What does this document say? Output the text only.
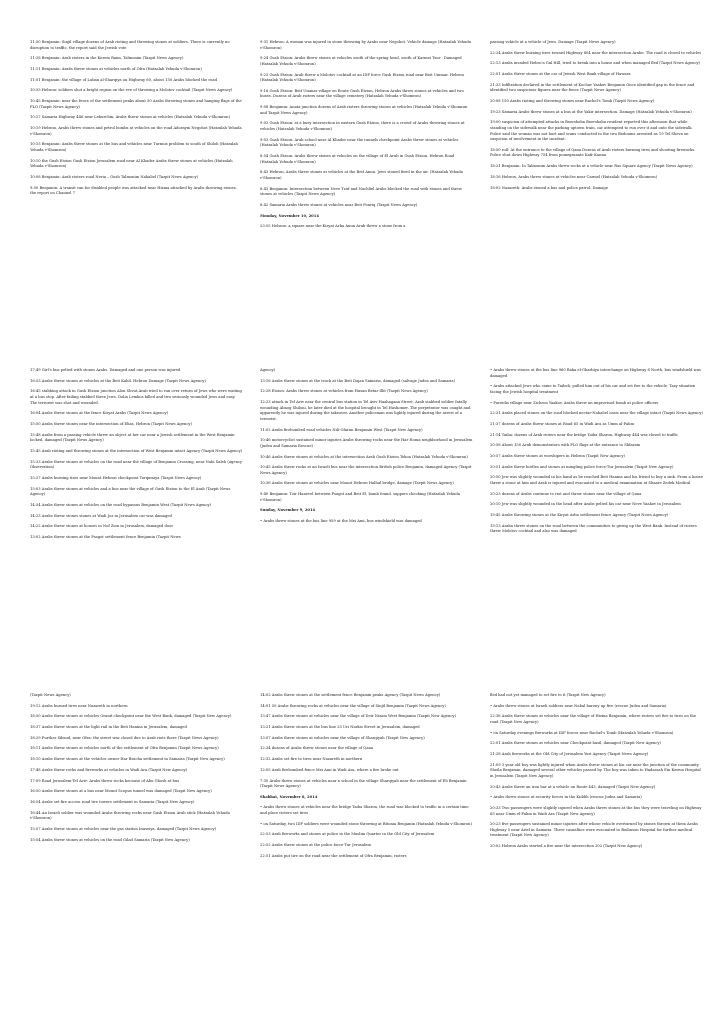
11:50 Benjamin: Sinjil village dozens of Arab rioting and throwing stones at soldiers. There is currently no disruption to traffic, the report said the Jewish vote

11:28 Benjamin: Arab rioters in the Kerem Raim, Talmonim (Tazpit News Agency)

11:11 Benjamin: Arabs threw stones at vehicles north of Ofra (Hatzalah Yehuda v'Shomron)

11:01 Benjamin: the village of Luban al-Sharqiya on Highway 60, about 150 Arabs blocked the road

10:55 Hebron: soldiers shot a bright region on the eve of throwing a Molotov cocktail (Tazpit News Agency)

10:45 Benjamin: near the fence of the settlement peaks about 50 Arabs throwing stones and hanging flags of the PLO (Tazpit News Agency)

10:27 Samaria Highway 446 near Leburchin, Arabs threw stones at vehicles (Hatzalah Yehuda v'Shomron)

10:19 Hebron, Arabs threw stones and petrol bombs at vehicles on the road Adoraym Negohot (Hatzalah Yehuda v'Shomron)

10:15 Benjamin: Arabs threw stones at the bus and vehicles near Turmus problem to south of Shiloh (Hatzalah Yehuda v'Shomron)

10:10 the Gush Etzion Gush Etzion Jerusalem road near Al Khader Arabs threw stones at vehicles (Hatzalah Yehuda v'Shomron)

10:08 Benjamin: Arab rioters road Neria – Gush Talmonim Nahaliel (Tazpit News Agency)

9:50 Benjamin: A transit van for disabled people was attacked near Hizma attacked by Arabs throwing stones, the report on Channel 7

9:31 Hebron: A woman was injured in stone throwing by Arabs near Negohot. Vehicle damage (Hatzalah Yehuda v'Shomron)

9:24 Gush Etzion: Arabs threw stones at vehicles south of the spring head, south of Karmei Tsur . Damaged (Hatzalah Yehuda v'Shomron)

9:23 Gush Etzion: Arab threw a Molotov cocktail at an IDF force Gush Etzion road near Beit Ummar. Hebron (Hatzalah Yehuda v'Shomron)

9:16 Gush Etzion: Beit Ummar village on Route Gush Etzion, Hebron Arabs threw stones at vehicles and two buses. Dozens of Arab rioters near the village cemetery (Hatzalah Yehuda v'Shomron)

9:08 Benjamin: Anata junction dozens of Arab rioters throwing stones at vehicles (Hatzalah Yehuda v'Shomron and Tazpit News Agency)

9:03 Gush Etzion: at a busy intersection in eastern Gush Etzion, there is a crowd of Arabs throwing stones at vehicles (Hatzalah Yehuda v'Shomron)

9:03 Gush Etzion: Arab school near Al Khader near the tunnels checkpoint Arabs threw stones at vehicles (Hatzalah Yehuda v'Shomron)

8:54 Gush Etzion: Arabs threw stones at vehicles on the village of El Arub in Gush Etzion, Hebron Road (Hatzalah Yehuda v'Shomron)

8:43 Hebron, Arabs threw stones at vehicles at the Beit Anun. Jews stoned fired in the air. (Hatzalah Yehuda v'Shomron)

8:43 Benjamin: Intersection between Neve Tzuf and Nachliel Arabs blocked the road with stones and threw stones at vehicles (Tazpit News Agency)

8:42 Samaria Arabs threw stones at vehicles near Beit Fouriq (Tazpit News Agency)

Monday, November 10, 2014

23:55 Hebron: a square near the Kiryat Arba Anun Arab threw a stone from a

passing vehicle at a vehicle of Jews. Damage (Tazpit News Agency)

22:24 Arabs threw burning tires toward Highway 804 near the intersection Arabe. The road is closed to vehicles

22:13 Arabs invaded Hebro'a Gal Hill, tried to break into a house and when managed fled (Tazpit News Agency)

22:01 Arabs threw stones at the car of Jewish West Bank village of Hawara

21:33 Infiltration declared in the settlement of Kochav Yaakov Benjamin Once identified gap in the fence and identified two suspicious figures near the fence (Tazpit News Agency)

20:08 150 Arabs rioting and throwing stones near Rachel's Tomb (Tazpit News Agency)

19:23 Samaria Arabs threw stones at a bus at the Yakir intersection. Damage (Hatzalah Yehuda v'Shomron)

19:00 suspicion of attempted attacks in Beersheba Beersheba resident reported this afternoon that while standing on the sidewalk near the parking uptown train, car attempted to run over it and onto the sidewalk. Police said the woman was not hurt and scans conducted in the two Bedouins arrested as 19 Tel Sheva on suspicion of involvement in the incident.

18:50 roll: At the entrance to the village of Qana Dozens of Arab rioters burning tires and shooting fireworks. Police shut down Highway 754 from pomegranate Kafr Kanna

18:21 Benjamin: In Talmonim Arabs threw rocks at a vehicle near Ras Square Agency (Tazpit News Agency)

18:16 Hebron, Arabs threw stones at vehicles near Carmel (Hatzalah Yehuda v'Shomron)

18:02 Nazareth: Arabs stoned a bus and police patrol. Damage

17:49 Girl's bus pelted with stones Arabs. Damaged and one person was injured

16:53 Arabs threw stones at vehicles at the Beit Kahil. Hebron Damage (Tazpit News Agency)

16:45 stabbing attack in Gush Etzion junction Alon Shvut,Arab tried to run over return of Jews who were waiting at a bus stop. After failing stabbed three Jews. Dalia Lemkos killed and two seriously wounded Jews and easy. The terrorist was shot and wounded.

16:04 Arabs threw stones at the fence Kiryat Arabs (Tazpit News Agency)

15:50 Arabs threw stones near the intersection of Elias, Hebron (Tazpit News Agency)

15:48 Arabs from a passing vehicle threw an object at her car near a Jewish settlement in the West Benjamin locked, damaged (Tazpit News Agency)

15:45 Arab rioting and throwing stones at the intersection of West Benjamin intact Agency (Tazpit News Agency)

15:33 Arabs threw stones at vehicles on the road near the village of Benjamin Crossing, near Nabi Saleh (agency Observation)

15:27 Arabs burning tires near Mount Hebron checkpoint Tarqumiya (Tazpit News Agency)

15:03 Arabs threw stones at vehicles and a bus near the village of Gush Etzion to the El Arab (Tazpit News Agency)

14:54 Arabs threw stones at vehicles on the road bypassus Benjamin West (Tazpit News Agency)

14:23 Arabs threw stones stones at Wadi Joz in Jerusalem car was damaged

14:22 Arabs threw stones at houses in Nof Zion in Jerusalem, damaged door

13:02 Arabs threw stones at the Psagot settlement fence Benjamin (Tazpit News

Agency)

13:16 Arabs threw stones at the truck at the Beit Dajan Samaria, damaged (salvage Judea and Samaria)

12:28 Etzion: Arabs threw stones at vehicles from Husan Betar Illit (Tazpit News Agency)

12:23 attack in Tel Aviv near the central bus station in Tel Aviv Haahagana Street. Arab stabbed soldier fatally wounding Almog Shiloni, he later died at the hospital brought in Tel Hashomer. The perpetrator was caught and apparently he was injured during the takeover. Another policeman was lightly injured during the arrest of a terrorist.

11:02 Arabs firebombed road vehicles Nili-Ofarim Benjamin West (Tazpit New Agency)

10:46 motorcyclist sustained minor injuries Arabs throwing rocks near the Har Homa neighborhood in Jerusalem (Judea and Samaria Rescue)

10:46 Arabs threw stones at vehicles at the intersection Arab Gush Etzion Tekoa (Hatzalah Yehuda v'Shomron)

10:45 Arabs threw rocks at an Israeli bus near the intersection British police Benjamin, damaged Agency (Tazpit News Agency)

10:36 Arabs threw stones at vehicles near Mount Hebron Halhul bridge, damage (Tazpit News Agency)

9:40 Benjamin: Tzir Hanevel between Psagot and Beit El, bomb found. sappers checking (Hatzalah Yehuda v'Shomron)

Sunday, November 9, 2014

• Arabs threw stones at the bus line 959 at the Mei Ami, bus windshield was damaged

• Arabs threw stones at the bus line 960 Baka el-Gharbiya interchange on Highway 6 North, bus windshield was damaged

• Arabs attacked Jews who came to Taibeh, pulled him out of his car and set fire to the vehicle. Tazy situation facing the Jewish hospital treatment

• Pureidis village near Zichron Yaakov, Arabs threw an improvised bomb at police officers

22:31 Arabs placed stones on the road blocked nectar-Nahaliel oasis near the village intact (Tazpit News Agency)

21:37 dozens of Arabs threw stones at Road 65 in Wadi Ara as Umm al-Fahm

21:14 Taiba: dozens of Arab rioters near the bridge Taiba Sharon, Highway 444 was closed to traffic

20:58 About 150 Arab demonstrators with PLO flags at the entrance to Shfaram

20:57 Arabs threw stones at worshipers in Hebron (Tazpit New Agency)

20:51 Arabs threw bottles and stones at mingling police force-Tur Jerusalem (Tazpit New Agency)

20:50 Jew was slightly wounded in his hand as he reached Beit Hanina and his friend to buy a sink. From a house threw a stone at him and Arab is injured and evacuated to a medical examination at Shaare Zedek Medical

20:23 dozens of Arabs continue to riot and throw stones near the village of Qana

20:10 Jew was slightly wounded in the head after Arabs pelted his car near Neve Yaakov in Jerusalem

19:45 Arabs throwing stones at the Kiryat Arba settlement fence Agency (Tazpit News Agency)

19:13 Araba threw stones on the road between the communities to giving up the West Bank. Instead of rioters threw Molotov cocktail and also was damaged

(Tazpit News Agency)

19:12 Arabs burned tires near Nazareth in northern

18:50 Arabs threw stones at vehicles Oranit checkpoint near the West Bank, damaged (Tazpit New Agency)

18:37 Arabs threw stones at the light rail in the Beit Hanina in Jerusalem, damaged

18:29 Further Sibsud, near Ofra: the street was closed due to Arab riots there (Tazpit News Agency)

18:11 Arabs threw stones at vehicles north of the settlement of Ofra Benjamin (Tazpit News Agency)

18:10 Arabs threw stones at the vehicles owner Har Bracha settlement in Samaria (Tazpit New Agency)

17:48 Arabs threw rocks and fireworks at vehicles in Wadi Ara (Tazpit New Agency)

17:09 Road Jerusalem-Tel Aviv: Arabs threw rocks because of Abu Ghosh at bus

16:50 Arabs threw stones at a bus near Mount Scopus tunnel was damaged (Tazpit New Agency)

16:54 Arabs set fire access road tire towers settlement in Samaria (Tazpit New Agency)

16:44 An Israeli soldier was wounded Arabs throwing rocks near Gush Etzion Arab stick (Hatzalah Yehuda v'Shomron)

15:57 Arabs threw stones at vehicles near the gas station Inuseiya, damaged (Tazpit News Agency)

15:54 Arabs threw stones at vehicles on the road Gilad Samaria (Tazpit New Agency)

14:02 Arabs threw stones at the settlement fence Benjamin peaks Agency (Tazpit News Agency)

14:01 50 Arabs throwing rocks at vehicles near the village of Sinjil Benjamin (Tazpit News Agency)

13:47 Arabs threw stones at vehicles near the village of Deir Nizam West Benjamin (Tazpit New Agency)

13:21 Arabs threw stones at the bus line 25 Uri Narkis Street in Jerusalem, damaged

13:07 Arabs threw stones at vehicles near the village of Sharqiyah (Tazpit New Agency)

12:34 dozens of Arabs threw stones near the village of Qana

12:32 Arabs set fire to tires near Nazareth in northern

12:05 Arab firebombed fence Mei Ami in Wadi Ara, where a fire broke out

7:30 Arabs threw stones at vehicles near a school in the village Sharqiyah near the settlement of Eli Benjamin (Tazpit News Agency)

Shabbat, November 8, 2014

• Arabs threw stones at vehicles near the bridge Taiba Sharon, the road was blocked to traffic in a certain time and place rioters set tires

• on Saturday, two IDF soldiers were wounded stone throwing at Bitonia Benjamin (Hatzalah Yehuda v'Shomron)

22:53 Arab fireworks and stones at police in the Muslim Quarter in the Old City of Jerusalem

22:52 Arabs threw stones at the police force-Tur Jerusalem

22:51 Arabs put tire on the road near the settlement of Ofra Benjamin, rioters

fled had not yet managed to set fire to it (Tazpit New Agency)

• Arabs threw stones at Israeli soldiers near Nabal barony up five (rescue Judea and Samaria)

22:36 Arabs threw stones at vehicles near the village of Hizma Benjamin, where rioters set fire to tires on the road (Tazpit New Agency)

• on Saturday evenings fireworks at IDF forces near Rachel's Tomb (Hatzalah Yehuda v'Shomron)

22:01 Arabs threw stones at vehicles near Checkpoint basil, damaged (Tazpit New Agency)

21:28 Arab fireworks at the Old City of Jerusalem Yuri Agency (Tazpit News Agency)

21:09 3 year old boy was lightly injured when Arabs threw stones at his car near the junction of the community Sheila Benjamin, damaged several other vehicles passed by. The boy was taken to Hadassah Ein Kerem Hospital in Jerusalem (Tazpit New Agency)

20:43 Arabs threw an iron bar at a vehicle on Route 443, damaged (Tazpit New Agency)

• Arabs threw stones at security forces in the Kiddih (rescue Judea and Samaria)

20:33 Two passengers were slightly injured when Arabs threw stones at the bus they were traveling on Highway 65 near Umm el-Fahm in Wadi Ara (Tazpit New Agency)

20:23 five passengers sustained minor injuries after whose vehicle overturned by stones thrown at them Arabs Highway 5 near Ariel in Samaria. Three casualties were evacuated to Beilinson Hospital for further medical treatment (Tazpit New Agency)

20:02 Hebron Arabs started a fire near the intersection 202 (Tazpit New Agency)
